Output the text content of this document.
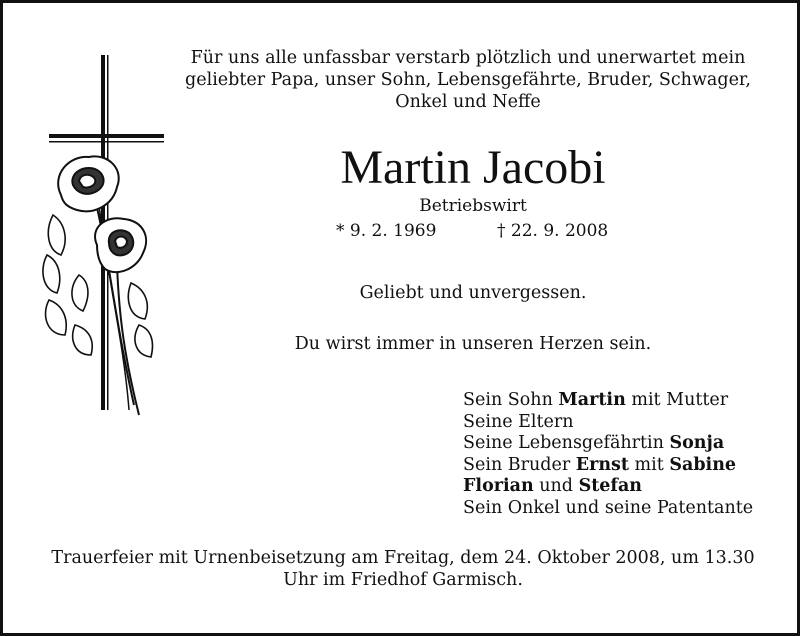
Für uns alle unfassbar verstarb plötzlich und unerwartet mein
geliebter Papa, unser Sohn, Lebensgefährte, Bruder, Schwager,
Onkel und Neffe
Martin Jacobi
Betriebswirt
* 9. 2. 1969	† 22. 9. 2008
Geliebt und unvergessen.
Du wirst immer in unseren Herzen sein.
Sein Sohn Martin mit Mutter
Seine Eltern
Seine Lebensgefährtin Sonja
Sein Bruder Ernst mit Sabine
Florian und Stefan
Sein Onkel und seine Patentante
Trauerfeier mit Urnenbeisetzung am Freitag, dem 24. Oktober 2008, um 13.30
Uhr im Friedhof Garmisch.
